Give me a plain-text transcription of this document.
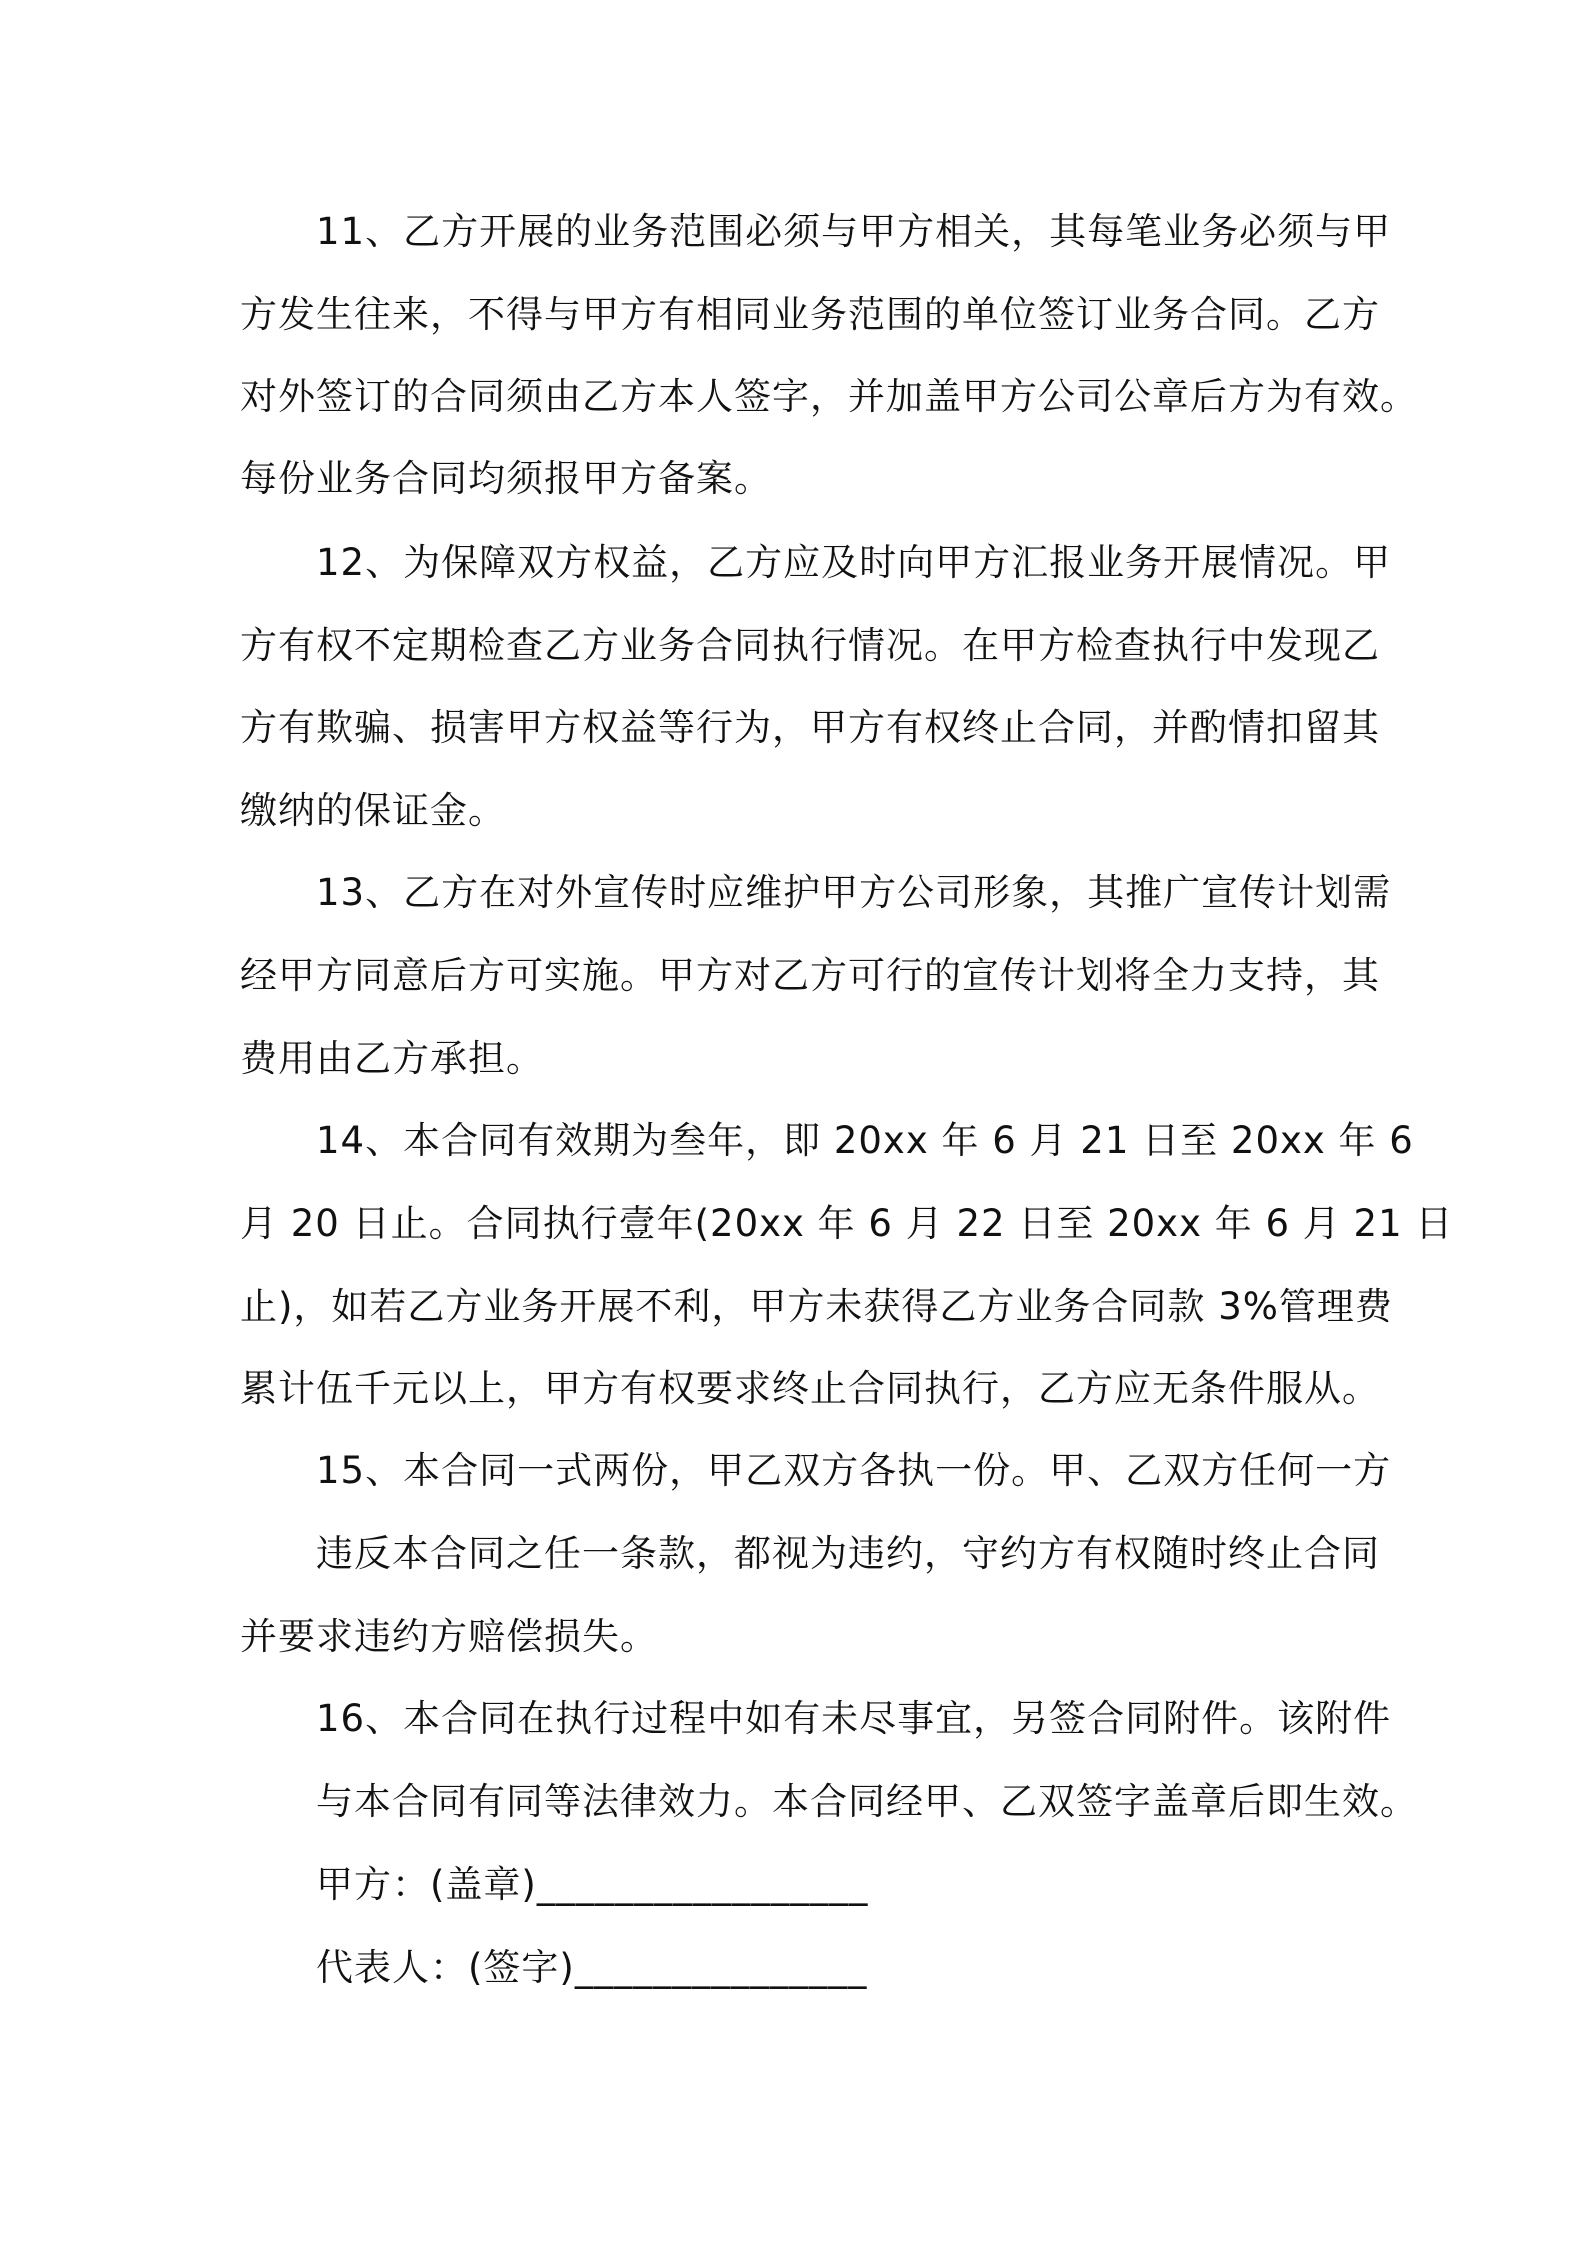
11、乙方开展的业务范围必须与甲方相关，其每笔业务必须与甲
方发生往来，不得与甲方有相同业务范围的单位签订业务合同。乙方
对外签订的合同须由乙方本人签字，并加盖甲方公司公章后方为有效。
每份业务合同均须报甲方备案。
12、为保障双方权益，乙方应及时向甲方汇报业务开展情况。甲
方有权不定期检查乙方业务合同执行情况。在甲方检查执行中发现乙
方有欺骗、损害甲方权益等行为，甲方有权终止合同，并酌情扣留其
缴纳的保证金。
13、乙方在对外宣传时应维护甲方公司形象，其推广宣传计划需
经甲方同意后方可实施。甲方对乙方可行的宣传计划将全力支持，其
费用由乙方承担。
14、本合同有效期为叁年，即 20xx 年 6 月 21 日至 20xx 年 6
月 20 日止。合同执行壹年(20xx 年 6 月 22 日至 20xx 年 6 月 21 日
止)，如若乙方业务开展不利，甲方未获得乙方业务合同款 3%管理费
累计伍千元以上，甲方有权要求终止合同执行，乙方应无条件服从。
15、本合同一式两份，甲乙双方各执一份。甲、乙双方任何一方
违反本合同之任一条款，都视为违约，守约方有权随时终止合同
并要求违约方赔偿损失。
16、本合同在执行过程中如有未尽事宜，另签合同附件。该附件
与本合同有同等法律效力。本合同经甲、乙双签字盖章后即生效。
甲方：(盖章)_________________
代表人：(签字)_______________
